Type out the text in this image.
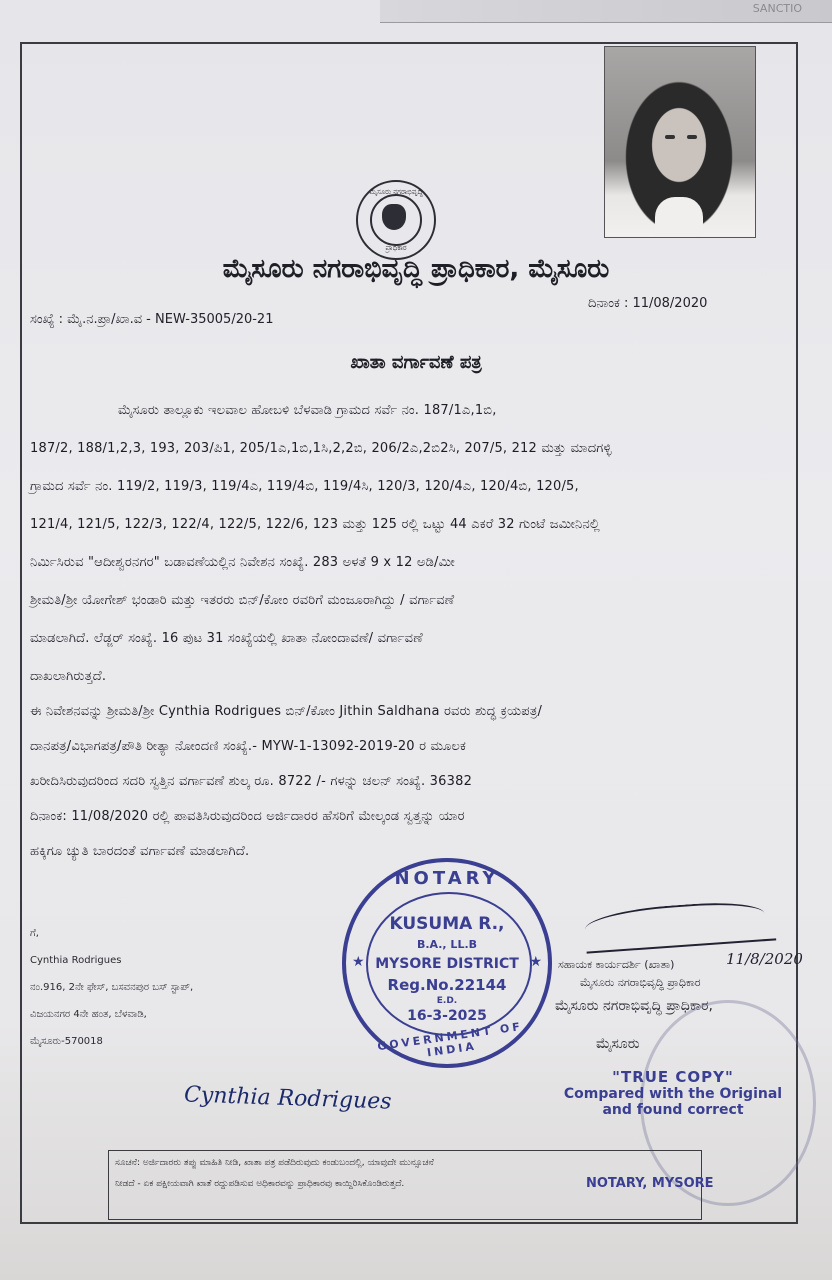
SANCTIO
ಮೈಸೂರು ನಗರಾಭಿವೃದ್ಧಿ
ಪ್ರಾಧಿಕಾರ
ಮೈಸೂರು ನಗರಾಭಿವೃದ್ಧಿ ಪ್ರಾಧಿಕಾರ, ಮೈಸೂರು
ದಿನಾಂಕ : 11/08/2020
ಸಂಖ್ಯೆ : ಮೈ.ನ.ಪ್ರಾ/ಖಾ.ವ - NEW-35005/20-21
ಖಾತಾ ವರ್ಗಾವಣೆ ಪತ್ರ
ಮೈಸೂರು ತಾಲ್ಲೂಕು ಇಲವಾಲ ಹೋಬಳಿ ಬೆಳವಾಡಿ ಗ್ರಾಮದ ಸರ್ವೆ ನಂ. 187/1ಎ,1ಬಿ,
187/2, 188/1,2,3, 193, 203/ಪಿ1, 205/1ಎ,1ಬಿ,1ಸಿ,2,2ಬಿ, 206/2ಎ,2ಬಿ2ಸಿ, 207/5, 212 ಮತ್ತು ಮಾದಗಳ್ಳಿ
ಗ್ರಾಮದ ಸರ್ವೆ ನಂ. 119/2, 119/3, 119/4ಎ, 119/4ಬಿ, 119/4ಸಿ, 120/3, 120/4ಎ, 120/4ಬಿ, 120/5,
121/4, 121/5, 122/3, 122/4, 122/5, 122/6, 123 ಮತ್ತು 125 ರಲ್ಲಿ ಒಟ್ಟು 44 ಎಕರೆ 32 ಗುಂಟೆ ಜಮೀನಿನಲ್ಲಿ
ನಿರ್ಮಿಸಿರುವ "ಆದೀಶ್ವರನಗರ" ಬಡಾವಣೆಯಲ್ಲಿನ ನಿವೇಶನ ಸಂಖ್ಯೆ. 283 ಅಳತೆ 9 x 12 ಅಡಿ/ಮೀ
ಶ್ರೀಮತಿ/ಶ್ರೀ ಯೋಗೇಶ್ ಭಂಡಾರಿ ಮತ್ತು ಇತರರು ಬಿನ್/ಕೋಂ ರವರಿಗೆ ಮಂಜೂರಾಗಿದ್ದು / ವರ್ಗಾವಣೆ
ಮಾಡಲಾಗಿದೆ. ಲೆಡ್ಜರ್ ಸಂಖ್ಯೆ. 16 ಪುಟ 31 ಸಂಖ್ಯೆಯಲ್ಲಿ ಖಾತಾ ನೋಂದಾವಣೆ/ ವರ್ಗಾವಣೆ
ದಾಖಲಾಗಿರುತ್ತದೆ.
ಈ ನಿವೇಶನವನ್ನು ಶ್ರೀಮತಿ/ಶ್ರೀ Cynthia Rodrigues ಬಿನ್/ಕೋಂ Jithin Saldhana ರವರು ಶುದ್ಧ ಕ್ರಯಪತ್ರ/
ದಾನಪತ್ರ/ವಿಭಾಗಪತ್ರ/ಪೌತಿ ರೀತ್ಯಾ ನೋಂದಣಿ ಸಂಖ್ಯೆ.- MYW-1-13092-2019-20 ರ ಮೂಲಕ
ಖರೀದಿಸಿರುವುದರಿಂದ ಸದರಿ ಸ್ವತ್ತಿನ ವರ್ಗಾವಣೆ ಶುಲ್ಕ ರೂ. 8722 /- ಗಳನ್ನು ಚಲನ್ ಸಂಖ್ಯೆ. 36382
ದಿನಾಂಕ: 11/08/2020 ರಲ್ಲಿ ಪಾವತಿಸಿರುವುದರಿಂದ ಅರ್ಜಿದಾರರ ಹೆಸರಿಗೆ ಮೇಲ್ಕಂಡ ಸ್ವತ್ತನ್ನು ಯಾರ
ಹಕ್ಕಿಗೂ ಚ್ಯುತಿ ಬಾರದಂತೆ ವರ್ಗಾವಣೆ ಮಾಡಲಾಗಿದೆ.
ಗೆ,
Cynthia Rodrigues
ನಂ.916, 2ನೇ ಫೇಸ್, ಬಸವನಪುರ ಬಸ್ ಸ್ಟಾಪ್,
ವಿಜಯನಗರ 4ನೇ ಹಂತ, ಬೆಳವಾಡಿ,
ಮೈಸೂರು-570018
Cynthia Rodrigues
11/8/2020
ಸಹಾಯಕ ಕಾರ್ಯದರ್ಶಿ (ಖಾತಾ)
ಮೈಸೂರು ನಗರಾಭಿವೃದ್ಧಿ ಪ್ರಾಧಿಕಾರ
ಮೈಸೂರು ನಗರಾಭಿವೃದ್ಧಿ ಪ್ರಾಧಿಕಾರ,
ಮೈಸೂರು
NOTARY
★	★
KUSUMA R.,
B.A., LL.B
MYSORE DISTRICT
Reg.No.22144
E.D.
16-3-2025
GOVERNMENT OF INDIA
"TRUE COPY"
Compared with the Original
and found correct
ಸೂಚನೆ: ಅರ್ಜಿದಾರರು ತಪ್ಪು ಮಾಹಿತಿ ನೀಡಿ, ಖಾತಾ ಪತ್ರ ಪಡೆದಿರುವುದು ಕಂಡುಬಂದಲ್ಲಿ, ಯಾವುದೇ ಮುನ್ಸೂಚನೆ
ನೀಡದೆ - ಏಕ ಪಕ್ಷೀಯವಾಗಿ ಖಾತೆ ರದ್ದುಪಡಿಸುವ ಅಧಿಕಾರವನ್ನು ಪ್ರಾಧಿಕಾರವು ಕಾಯ್ದಿರಿಸಿಕೊಂಡಿರುತ್ತದೆ.	NOTARY, MYSORE
